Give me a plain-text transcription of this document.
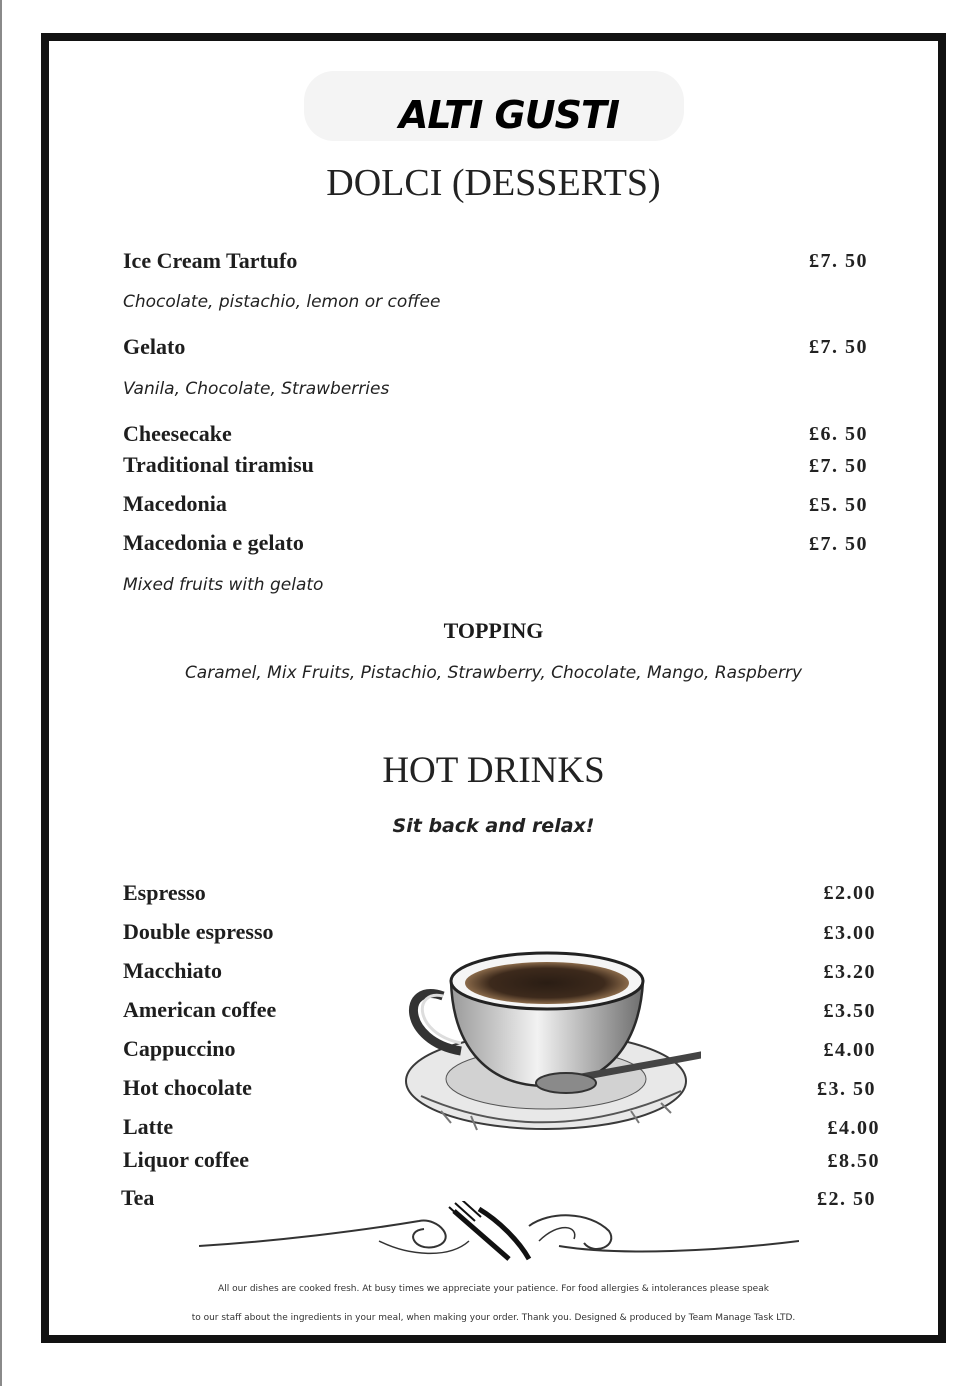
ALTI GUSTI
DOLCI (DESSERTS)
Ice Cream Tartufo	£7. 50
Chocolate, pistachio, lemon or coffee
Gelato	£7. 50
Vanila, Chocolate, Strawberries
Cheesecake	£6. 50
Traditional tiramisu	£7. 50
Macedonia	£5. 50
Macedonia e gelato	£7. 50
Mixed fruits with gelato
TOPPING
Caramel, Mix Fruits, Pistachio, Strawberry, Chocolate, Mango, Raspberry
HOT DRINKS
Sit back and relax!
Espresso	£2.00
Double espresso	£3.00
Macchiato	£3.20
American coffee	£3.50
Cappuccino	£4.00
Hot chocolate	£3. 50
Latte	£4.00
Liquor coffee	£8.50
Tea	£2. 50
All our dishes are cooked fresh. At busy times we appreciate your patience. For food allergies & intolerances please speak
to our staff about the ingredients in your meal, when making your order. Thank you. Designed & produced by Team Manage Task LTD.
